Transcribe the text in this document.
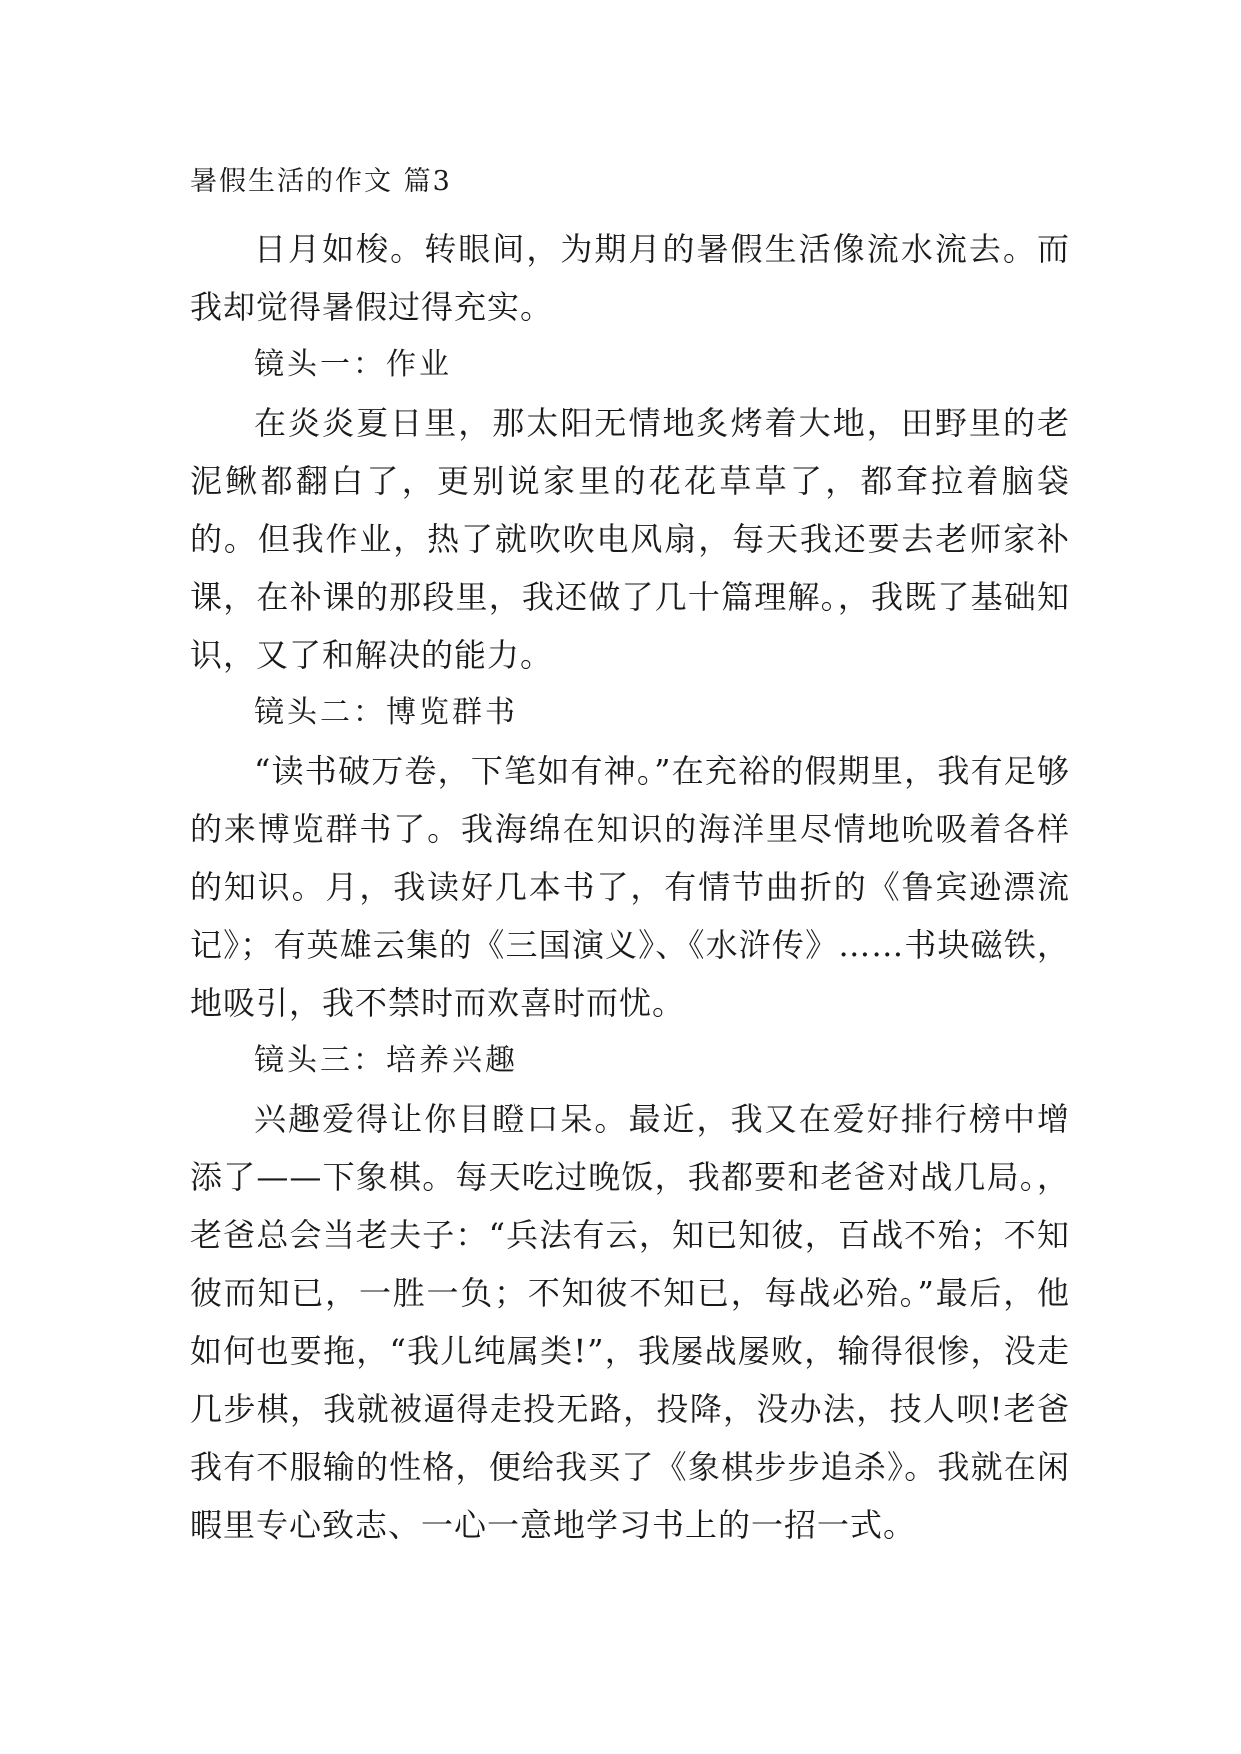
暑假生活的作文 篇3

日月如梭。转眼间，为期月的暑假生活像流水流去。而我却觉得暑假过得充实。

镜头一：作业

在炎炎夏日里，那太阳无情地炙烤着大地，田野里的老泥鳅都翻白了，更别说家里的花花草草了，都耷拉着脑袋的。但我作业，热了就吹吹电风扇，每天我还要去老师家补课，在补课的那段里，我还做了几十篇理解。，我既了基础知识，又了和解决的能力。

镜头二：博览群书

“读书破万卷，下笔如有神。”在充裕的假期里，我有足够的来博览群书了。我海绵在知识的海洋里尽情地吮吸着各样的知识。月，我读好几本书了，有情节曲折的《鲁宾逊漂流记》；有英雄云集的《三国演义》、《水浒传》……书块磁铁，地吸引，我不禁时而欢喜时而忧。

镜头三：培养兴趣

兴趣爱得让你目瞪口呆。最近，我又在爱好排行榜中增添了——下象棋。每天吃过晚饭，我都要和老爸对战几局。，老爸总会当老夫子：“兵法有云，知已知彼，百战不殆；不知彼而知已，一胜一负；不知彼不知已，每战必殆。”最后，他如何也要拖，“我儿纯属类!”，我屡战屡败，输得很惨，没走几步棋，我就被逼得走投无路，投降，没办法，技人呗!老爸我有不服输的性格，便给我买了《象棋步步追杀》。我就在闲暇里专心致志、一心一意地学习书上的一招一式。
